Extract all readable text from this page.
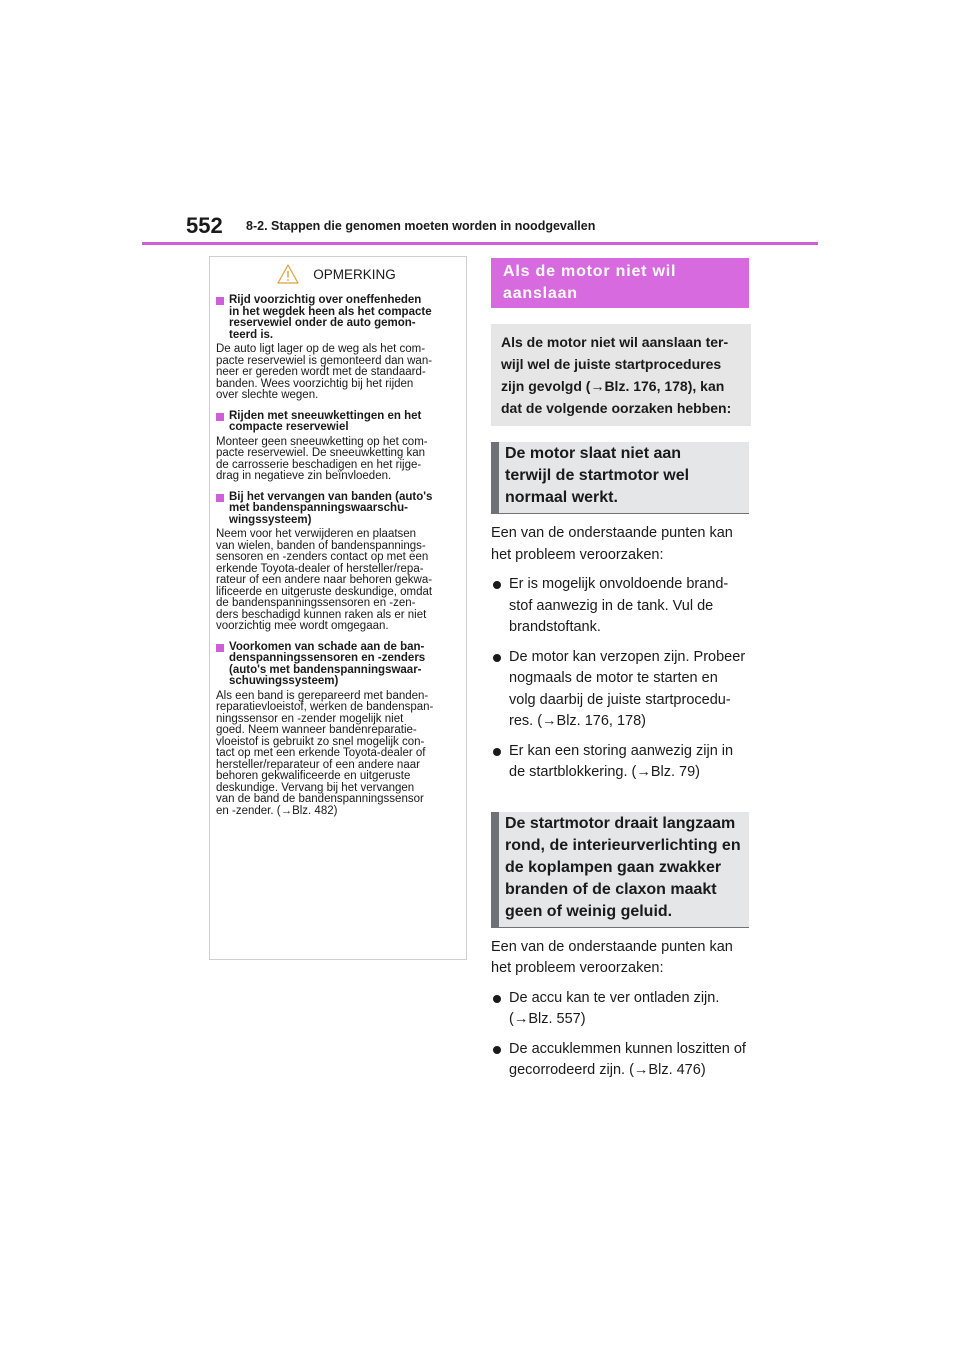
552 8-2. Stappen die genomen moeten worden in noodgevallen
OPMERKING
Rijd voorzichtig over oneffenheden
in het wegdek heen als het compacte
reservewiel onder de auto gemon-
teerd is.

De auto ligt lager op de weg als het com-
pacte reservewiel is gemonteerd dan wan-
neer er gereden wordt met de standaard-
banden. Wees voorzichtig bij het rijden
over slechte wegen.

Rijden met sneeuwkettingen en het
compacte reservewiel

Monteer geen sneeuwketting op het com-
pacte reservewiel. De sneeuwketting kan
de carrosserie beschadigen en het rijge-
drag in negatieve zin beïnvloeden.

Bij het vervangen van banden (auto's
met bandenspanningswaarschu-
wingssysteem)

Neem voor het verwijderen en plaatsen
van wielen, banden of bandenspannings-
sensoren en -zenders contact op met een
erkende Toyota-dealer of hersteller/repa-
rateur of een andere naar behoren gekwa-
lificeerde en uitgeruste deskundige, omdat
de bandenspanningssensoren en -zen-
ders beschadigd kunnen raken als er niet
voorzichtig mee wordt omgegaan.

Voorkomen van schade aan de ban-
denspanningssensoren en -zenders
(auto's met bandenspanningswaar-
schuwingssysteem)

Als een band is gerepareerd met banden-
reparatievloeistof, werken de bandenspan-
ningssensor en -zender mogelijk niet
goed. Neem wanneer bandenreparatie-
vloeistof is gebruikt zo snel mogelijk con-
tact op met een erkende Toyota-dealer of
hersteller/reparateur of een andere naar
behoren gekwalificeerde en uitgeruste
deskundige. Vervang bij het vervangen
van de band de bandenspanningssensor
en -zender. (→Blz. 482)

Als de motor niet wil
aanslaan
Als de motor niet wil aanslaan ter-
wijl wel de juiste startprocedures
zijn gevolgd (→Blz. 176, 178), kan
dat de volgende oorzaken hebben:
De motor slaat niet aan
terwijl de startmotor wel
normaal werkt.

Een van de onderstaande punten kan
het probleem veroorzaken:

Er is mogelijk onvoldoende brand-
stof aanwezig in de tank. Vul de
brandstoftank.
De motor kan verzopen zijn. Probeer
nogmaals de motor te starten en
volg daarbij de juiste startprocedu-
res. (→Blz. 176, 178)
Er kan een storing aanwezig zijn in
de startblokkering. (→Blz. 79)
De startmotor draait langzaam
rond, de interieurverlichting en
de koplampen gaan zwakker
branden of de claxon maakt
geen of weinig geluid.

Een van de onderstaande punten kan
het probleem veroorzaken:

De accu kan te ver ontladen zijn.
(→Blz. 557)
De accuklemmen kunnen loszitten of
gecorrodeerd zijn. (→Blz. 476)
